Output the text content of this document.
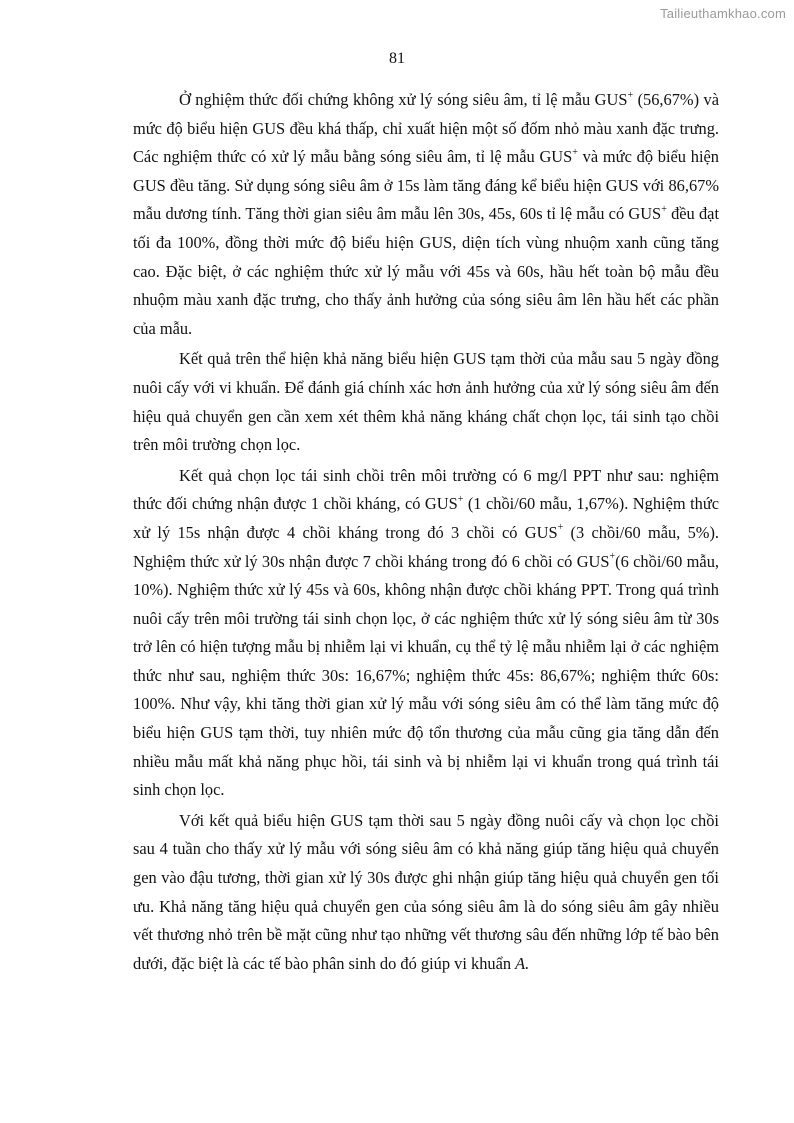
Tailieuthamkhao.com
81

Ở nghiệm thức đối chứng không xử lý sóng siêu âm, tỉ lệ mẫu GUS+ (56,67%) và mức độ biểu hiện GUS đều khá thấp, chỉ xuất hiện một số đốm nhỏ màu xanh đặc trưng. Các nghiệm thức có xử lý mẫu bằng sóng siêu âm, tỉ lệ mẫu GUS+ và mức độ biểu hiện GUS đều tăng. Sử dụng sóng siêu âm ở 15s làm tăng đáng kể biểu hiện GUS với 86,67% mẫu dương tính. Tăng thời gian siêu âm mẫu lên 30s, 45s, 60s tỉ lệ mẫu có GUS+ đều đạt tối đa 100%, đồng thời mức độ biểu hiện GUS, diện tích vùng nhuộm xanh cũng tăng cao. Đặc biệt, ở các nghiệm thức xử lý mẫu với 45s và 60s, hầu hết toàn bộ mẫu đều nhuộm màu xanh đặc trưng, cho thấy ảnh hưởng của sóng siêu âm lên hầu hết các phần của mẫu.

Kết quả trên thể hiện khả năng biểu hiện GUS tạm thời của mẫu sau 5 ngày đồng nuôi cấy với vi khuẩn. Để đánh giá chính xác hơn ảnh hưởng của xử lý sóng siêu âm đến hiệu quả chuyển gen cần xem xét thêm khả năng kháng chất chọn lọc, tái sinh tạo chồi trên môi trường chọn lọc.

Kết quả chọn lọc tái sinh chồi trên môi trường có 6 mg/l PPT như sau: nghiệm thức đối chứng nhận được 1 chồi kháng, có GUS+ (1 chồi/60 mẫu, 1,67%). Nghiệm thức xử lý 15s nhận được 4 chồi kháng trong đó 3 chồi có GUS+ (3 chồi/60 mẫu, 5%). Nghiệm thức xử lý 30s nhận được 7 chồi kháng trong đó 6 chồi có GUS+(6 chồi/60 mẫu, 10%). Nghiệm thức xử lý 45s và 60s, không nhận được chồi kháng PPT. Trong quá trình nuôi cấy trên môi trường tái sinh chọn lọc, ở các nghiệm thức xử lý sóng siêu âm từ 30s trở lên có hiện tượng mẫu bị nhiễm lại vi khuẩn, cụ thể tỷ lệ mẫu nhiễm lại ở các nghiệm thức như sau, nghiệm thức 30s: 16,67%; nghiệm thức 45s: 86,67%; nghiệm thức 60s: 100%. Như vậy, khi tăng thời gian xử lý mẫu với sóng siêu âm có thể làm tăng mức độ biểu hiện GUS tạm thời, tuy nhiên mức độ tổn thương của mẫu cũng gia tăng dẫn đến nhiều mẫu mất khả năng phục hồi, tái sinh và bị nhiễm lại vi khuẩn trong quá trình tái sinh chọn lọc.

Với kết quả biểu hiện GUS tạm thời sau 5 ngày đồng nuôi cấy và chọn lọc chồi sau 4 tuần cho thấy xử lý mẫu với sóng siêu âm có khả năng giúp tăng hiệu quả chuyển gen vào đậu tương, thời gian xử lý 30s được ghi nhận giúp tăng hiệu quả chuyển gen tối ưu. Khả năng tăng hiệu quả chuyển gen của sóng siêu âm là do sóng siêu âm gây nhiều vết thương nhỏ trên bề mặt cũng như tạo những vết thương sâu đến những lớp tế bào bên dưới, đặc biệt là các tế bào phân sinh do đó giúp vi khuẩn A.
